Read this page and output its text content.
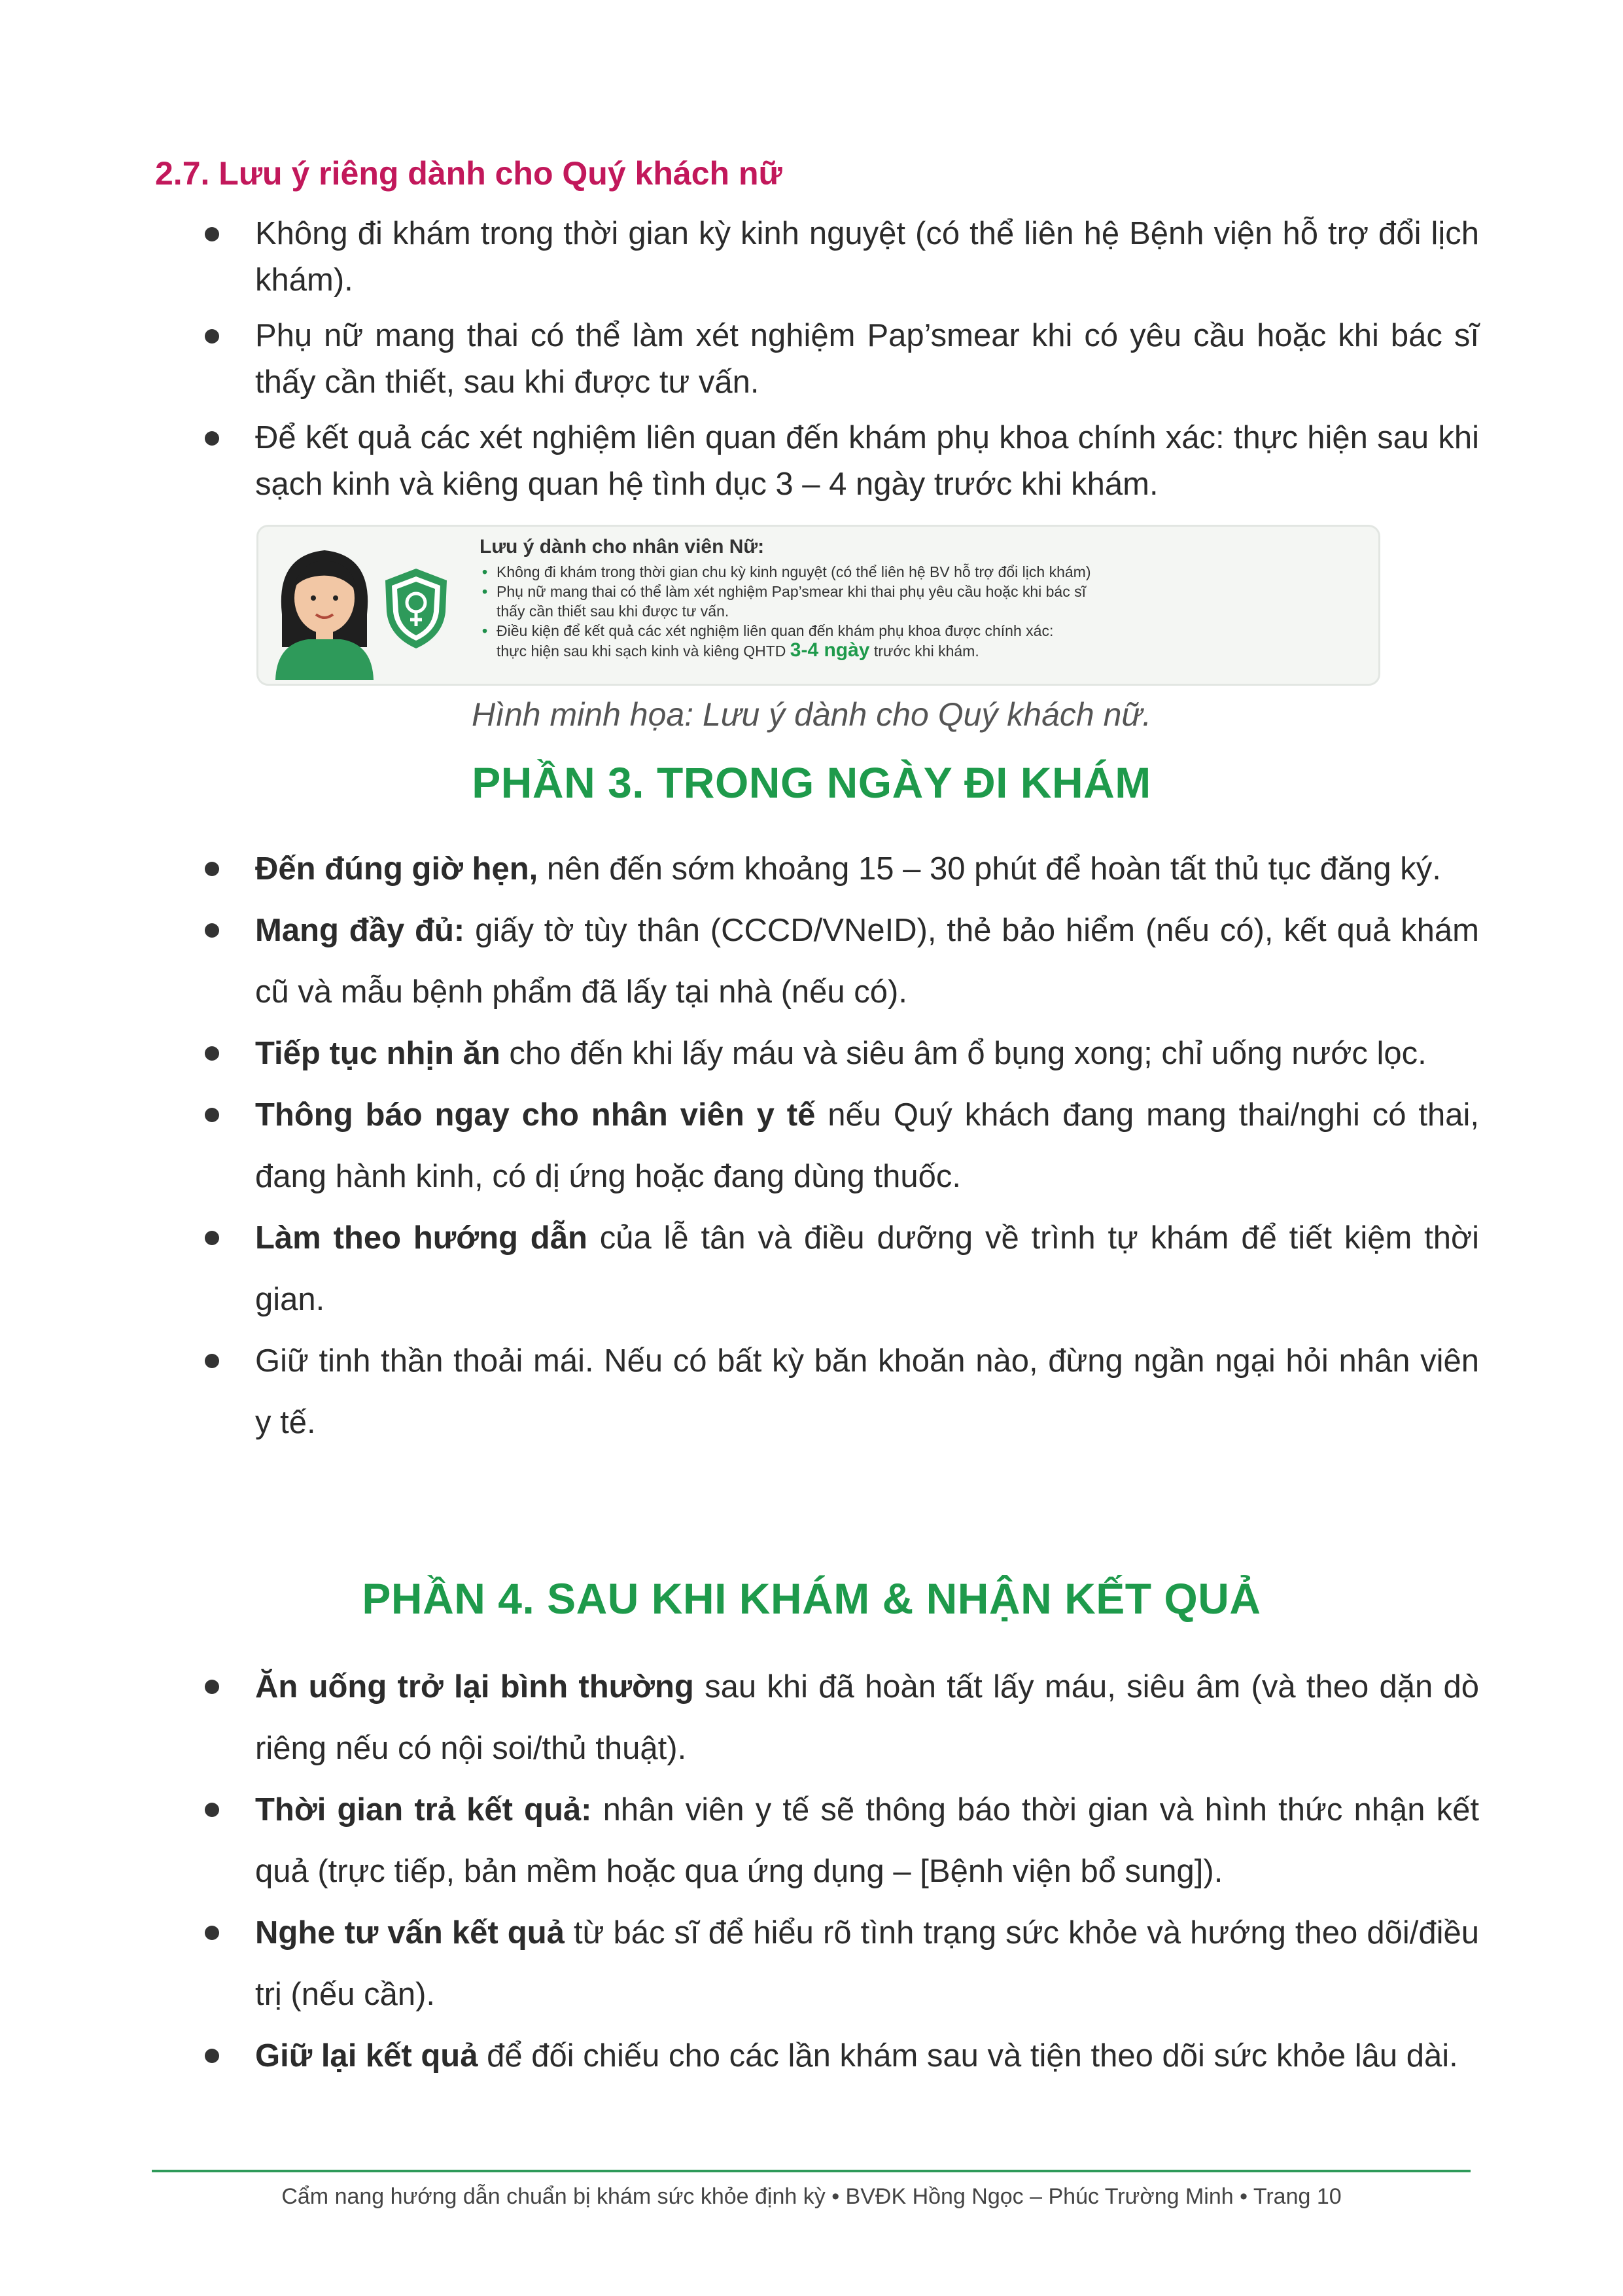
2.7. Lưu ý riêng dành cho Quý khách nữ
Không đi khám trong thời gian kỳ kinh nguyệt (có thể liên hệ Bệnh viện hỗ trợ đổi lịch khám).
Phụ nữ mang thai có thể làm xét nghiệm Pap’smear khi có yêu cầu hoặc khi bác sĩ thấy cần thiết, sau khi được tư vấn.
Để kết quả các xét nghiệm liên quan đến khám phụ khoa chính xác: thực hiện sau khi sạch kinh và kiêng quan hệ tình dục 3 – 4 ngày trước khi khám.

Lưu ý dành cho nhân viên Nữ:

• Không đi khám trong thời gian chu kỳ kinh nguyệt (có thể liên hệ BV hỗ trợ đổi lịch khám)
• Phụ nữ mang thai có thể làm xét nghiệm Pap’smear khi thai phụ yêu cầu hoặc khi bác sĩ
thấy cần thiết sau khi được tư vấn.
• Điều kiện để kết quả các xét nghiệm liên quan đến khám phụ khoa được chính xác:
thực hiện sau khi sạch kinh và kiêng QHTD 3-4 ngày trước khi khám.
Hình minh họa: Lưu ý dành cho Quý khách nữ.
PHẦN 3. TRONG NGÀY ĐI KHÁM
Đến đúng giờ hẹn, nên đến sớm khoảng 15 – 30 phút để hoàn tất thủ tục đăng ký.
Mang đầy đủ: giấy tờ tùy thân (CCCD/VNeID), thẻ bảo hiểm (nếu có), kết quả khám cũ và mẫu bệnh phẩm đã lấy tại nhà (nếu có).
Tiếp tục nhịn ăn cho đến khi lấy máu và siêu âm ổ bụng xong; chỉ uống nước lọc.
Thông báo ngay cho nhân viên y tế nếu Quý khách đang mang thai/nghi có thai, đang hành kinh, có dị ứng hoặc đang dùng thuốc.
Làm theo hướng dẫn của lễ tân và điều dưỡng về trình tự khám để tiết kiệm thời gian.
Giữ tinh thần thoải mái. Nếu có bất kỳ băn khoăn nào, đừng ngần ngại hỏi nhân viên y tế.
PHẦN 4. SAU KHI KHÁM & NHẬN KẾT QUẢ
Ăn uống trở lại bình thường sau khi đã hoàn tất lấy máu, siêu âm (và theo dặn dò riêng nếu có nội soi/thủ thuật).
Thời gian trả kết quả: nhân viên y tế sẽ thông báo thời gian và hình thức nhận kết quả (trực tiếp, bản mềm hoặc qua ứng dụng – [Bệnh viện bổ sung]).
Nghe tư vấn kết quả từ bác sĩ để hiểu rõ tình trạng sức khỏe và hướng theo dõi/điều trị (nếu cần).
Giữ lại kết quả để đối chiếu cho các lần khám sau và tiện theo dõi sức khỏe lâu dài.
Cẩm nang hướng dẫn chuẩn bị khám sức khỏe định kỳ • BVĐK Hồng Ngọc – Phúc Trường Minh • Trang 10
